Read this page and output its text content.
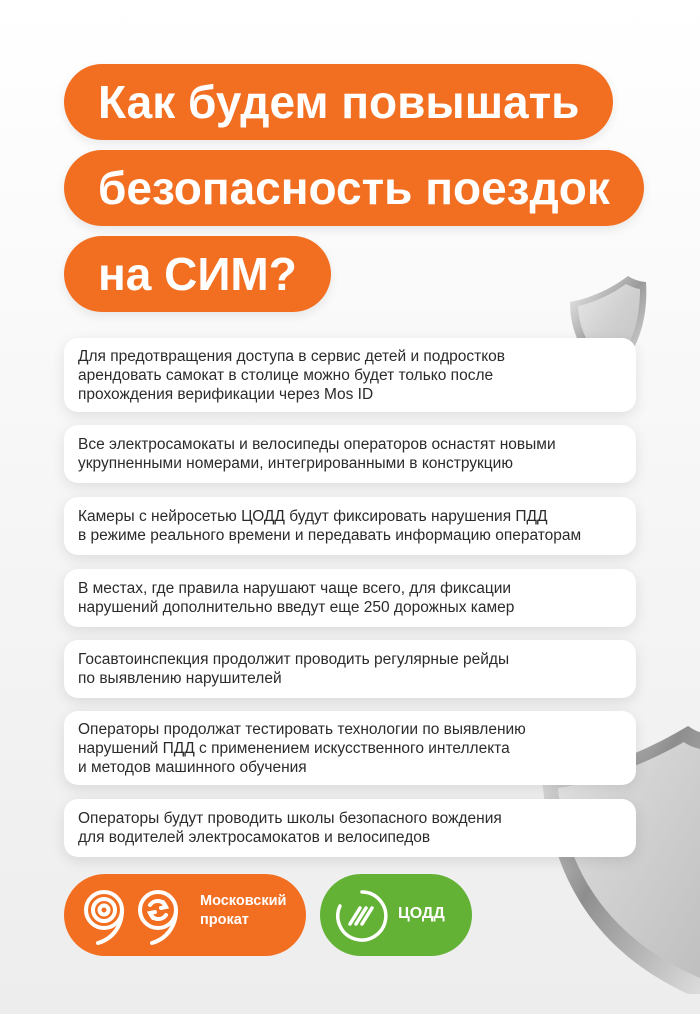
Как будем повышать
безопасность поездок
на СИМ?
Для предотвращения доступа в сервис детей и подростков
арендовать самокат в столице можно будет только после
прохождения верификации через Mos ID
Все электросамокаты и велосипеды операторов оснастят новыми
укрупненными номерами, интегрированными в конструкцию
Камеры с нейросетью ЦОДД будут фиксировать нарушения ПДД
в режиме реального времени и передавать информацию операторам
В местах, где правила нарушают чаще всего, для фиксации
нарушений дополнительно введут еще 250 дорожных камер
Госавтоинспекция продолжит проводить регулярные рейды
по выявлению нарушителей
Операторы продолжат тестировать технологии по выявлению
нарушений ПДД с применением искусственного интеллекта
и методов машинного обучения
Операторы будут проводить школы безопасного вождения
для водителей электросамокатов и велосипедов
Московский
прокат	ЦОДД
